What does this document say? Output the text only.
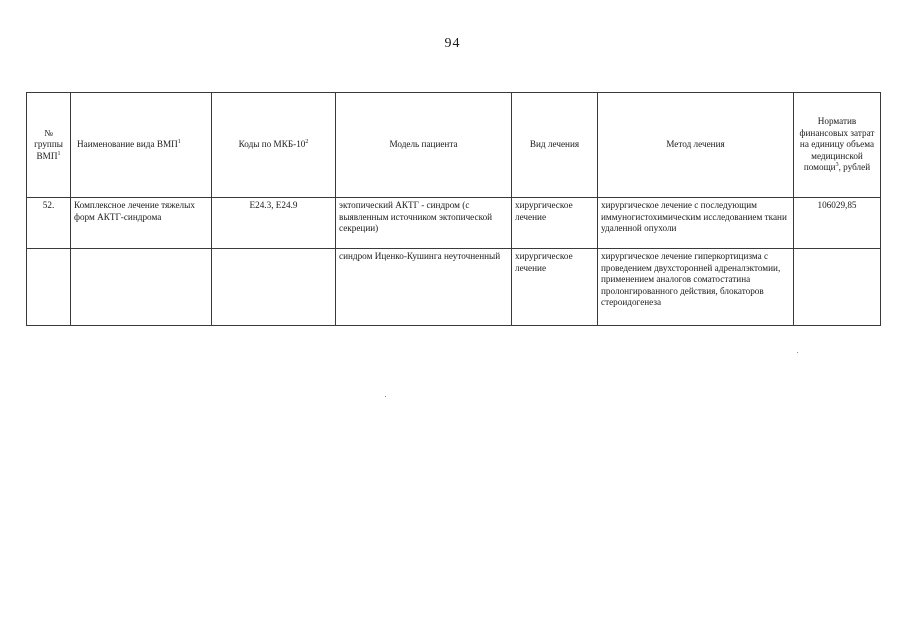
94
№ группы ВМП$^1$	Наименование вида ВМП$^1$	Коды по МКБ-$10^2$	Модель пациента	Вид лечения	Метод лечения	Норматив финансовых затрат на единицу объема медицинской помощи$^3$, рублей
52.	Комплексное лечение тяжелых форм АКТГ-синдрома	E24.3, E24.9	эктопический АКТГ - синдром (с выявленным источником эктопической секреции)	хирургическое лечение	хирургическое лечение с последующим иммуногистохимическим исследованием ткани удаленной опухоли	106029,85
			синдром Иценко-Кушинга неуточненный	хирургическое лечение	хирургическое лечение гиперкортицизма с проведением двухсторонней адреналэктомии, применением аналогов соматостатина пролонгированного действия, блокаторов стероидогенеза	
